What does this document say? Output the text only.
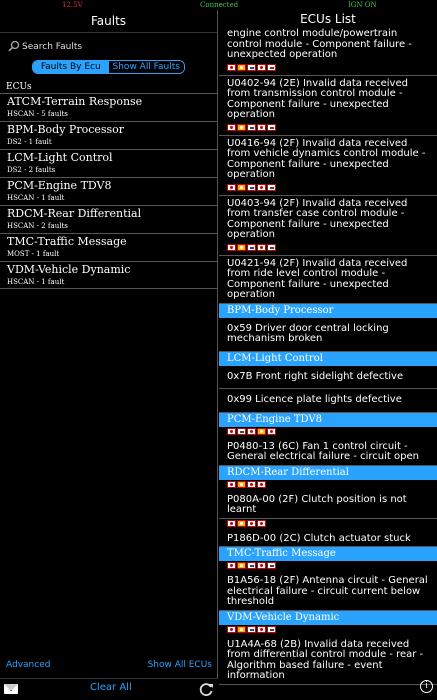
12.5V	Connected	IGN ON
Faults
Search Faults
Faults By Ecu	Show All Faults
ECUs
ATCM-Terrain Response
HSCAN - 5 faults
BPM-Body Processor
DS2 - 1 fault
LCM-Light Control
DS2 - 2 faults
PCM-Engine TDV8
HSCAN - 1 fault
RDCM-Rear Differential
HSCAN - 2 faults
TMC-Traffic Message
MOST - 1 fault
VDM-Vehicle Dynamic
HSCAN - 1 fault
Advanced	Show All ECUs
Clear All
ECUs List
engine control module/powertrain control module - Component failure - unexpected operation
U0402-94 (2E) Invalid data received from transmission control module - Component failure - unexpected operation
U0416-94 (2F) Invalid data received from vehicle dynamics control module - Component failure - unexpected operation
U0403-94 (2F) Invalid data received from transfer case control module - Component failure - unexpected operation
U0421-94 (2F) Invalid data received from ride level control module - Component failure - unexpected operation
BPM-Body Processor
0x59 Driver door central locking mechanism broken
LCM-Light Control
0x7B Front right sidelight defective
0x99 Licence plate lights defective
PCM-Engine TDV8
P0480-13 (6C) Fan 1 control circuit - General electrical failure - circuit open
RDCM-Rear Differential
P080A-00 (2F) Clutch position is not learnt
P186D-00 (2C) Clutch actuator stuck
TMC-Traffic Message
B1A56-18 (2F) Antenna circuit - General electrical failure - circuit current below threshold
VDM-Vehicle Dynamic
U1A4A-68 (2B) Invalid data received from differential control module - rear - Algorithm based failure - event information
i
